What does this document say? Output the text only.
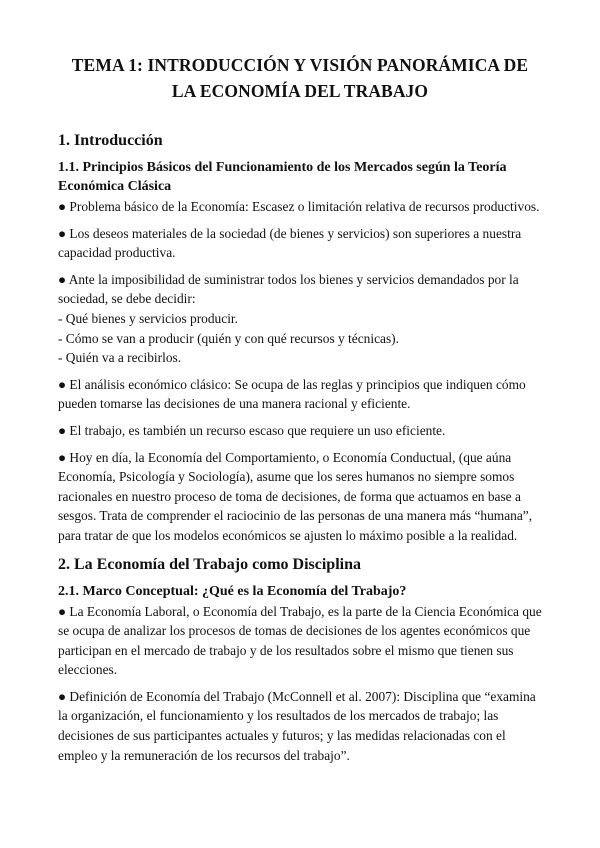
TEMA 1: INTRODUCCIÓN Y VISIÓN PANORÁMICA DE
LA ECONOMÍA DEL TRABAJO
1. Introducción
1.1. Principios Básicos del Funcionamiento de los Mercados según la Teoría Económica Clásica

● Problema básico de la Economía: Escasez o limitación relativa de recursos productivos.

● Los deseos materiales de la sociedad (de bienes y servicios) son superiores a nuestra capacidad productiva.

● Ante la imposibilidad de suministrar todos los bienes y servicios demandados por la sociedad, se debe decidir:
- Qué bienes y servicios producir.
- Cómo se van a producir (quién y con qué recursos y técnicas).
- Quién va a recibirlos.

● El análisis económico clásico: Se ocupa de las reglas y principios que indiquen cómo pueden tomarse las decisiones de una manera racional y eficiente.

● El trabajo, es también un recurso escaso que requiere un uso eficiente.

● Hoy en día, la Economía del Comportamiento, o Economía Conductual, (que aúna Economía, Psicología y Sociología), asume que los seres humanos no siempre somos racionales en nuestro proceso de toma de decisiones, de forma que actuamos en base a sesgos. Trata de comprender el raciocinio de las personas de una manera más “humana”, para tratar de que los modelos económicos se ajusten lo máximo posible a la realidad.

2. La Economía del Trabajo como Disciplina
2.1. Marco Conceptual: ¿Qué es la Economía del Trabajo?

● La Economía Laboral, o Economía del Trabajo, es la parte de la Ciencia Económica que se ocupa de analizar los procesos de tomas de decisiones de los agentes económicos que participan en el mercado de trabajo y de los resultados sobre el mismo que tienen sus elecciones.

● Definición de Economía del Trabajo (McConnell et al. 2007): Disciplina que “examina la organización, el funcionamiento y los resultados de los mercados de trabajo; las decisiones de sus participantes actuales y futuros; y las medidas relacionadas con el empleo y la remuneración de los recursos del trabajo”.
